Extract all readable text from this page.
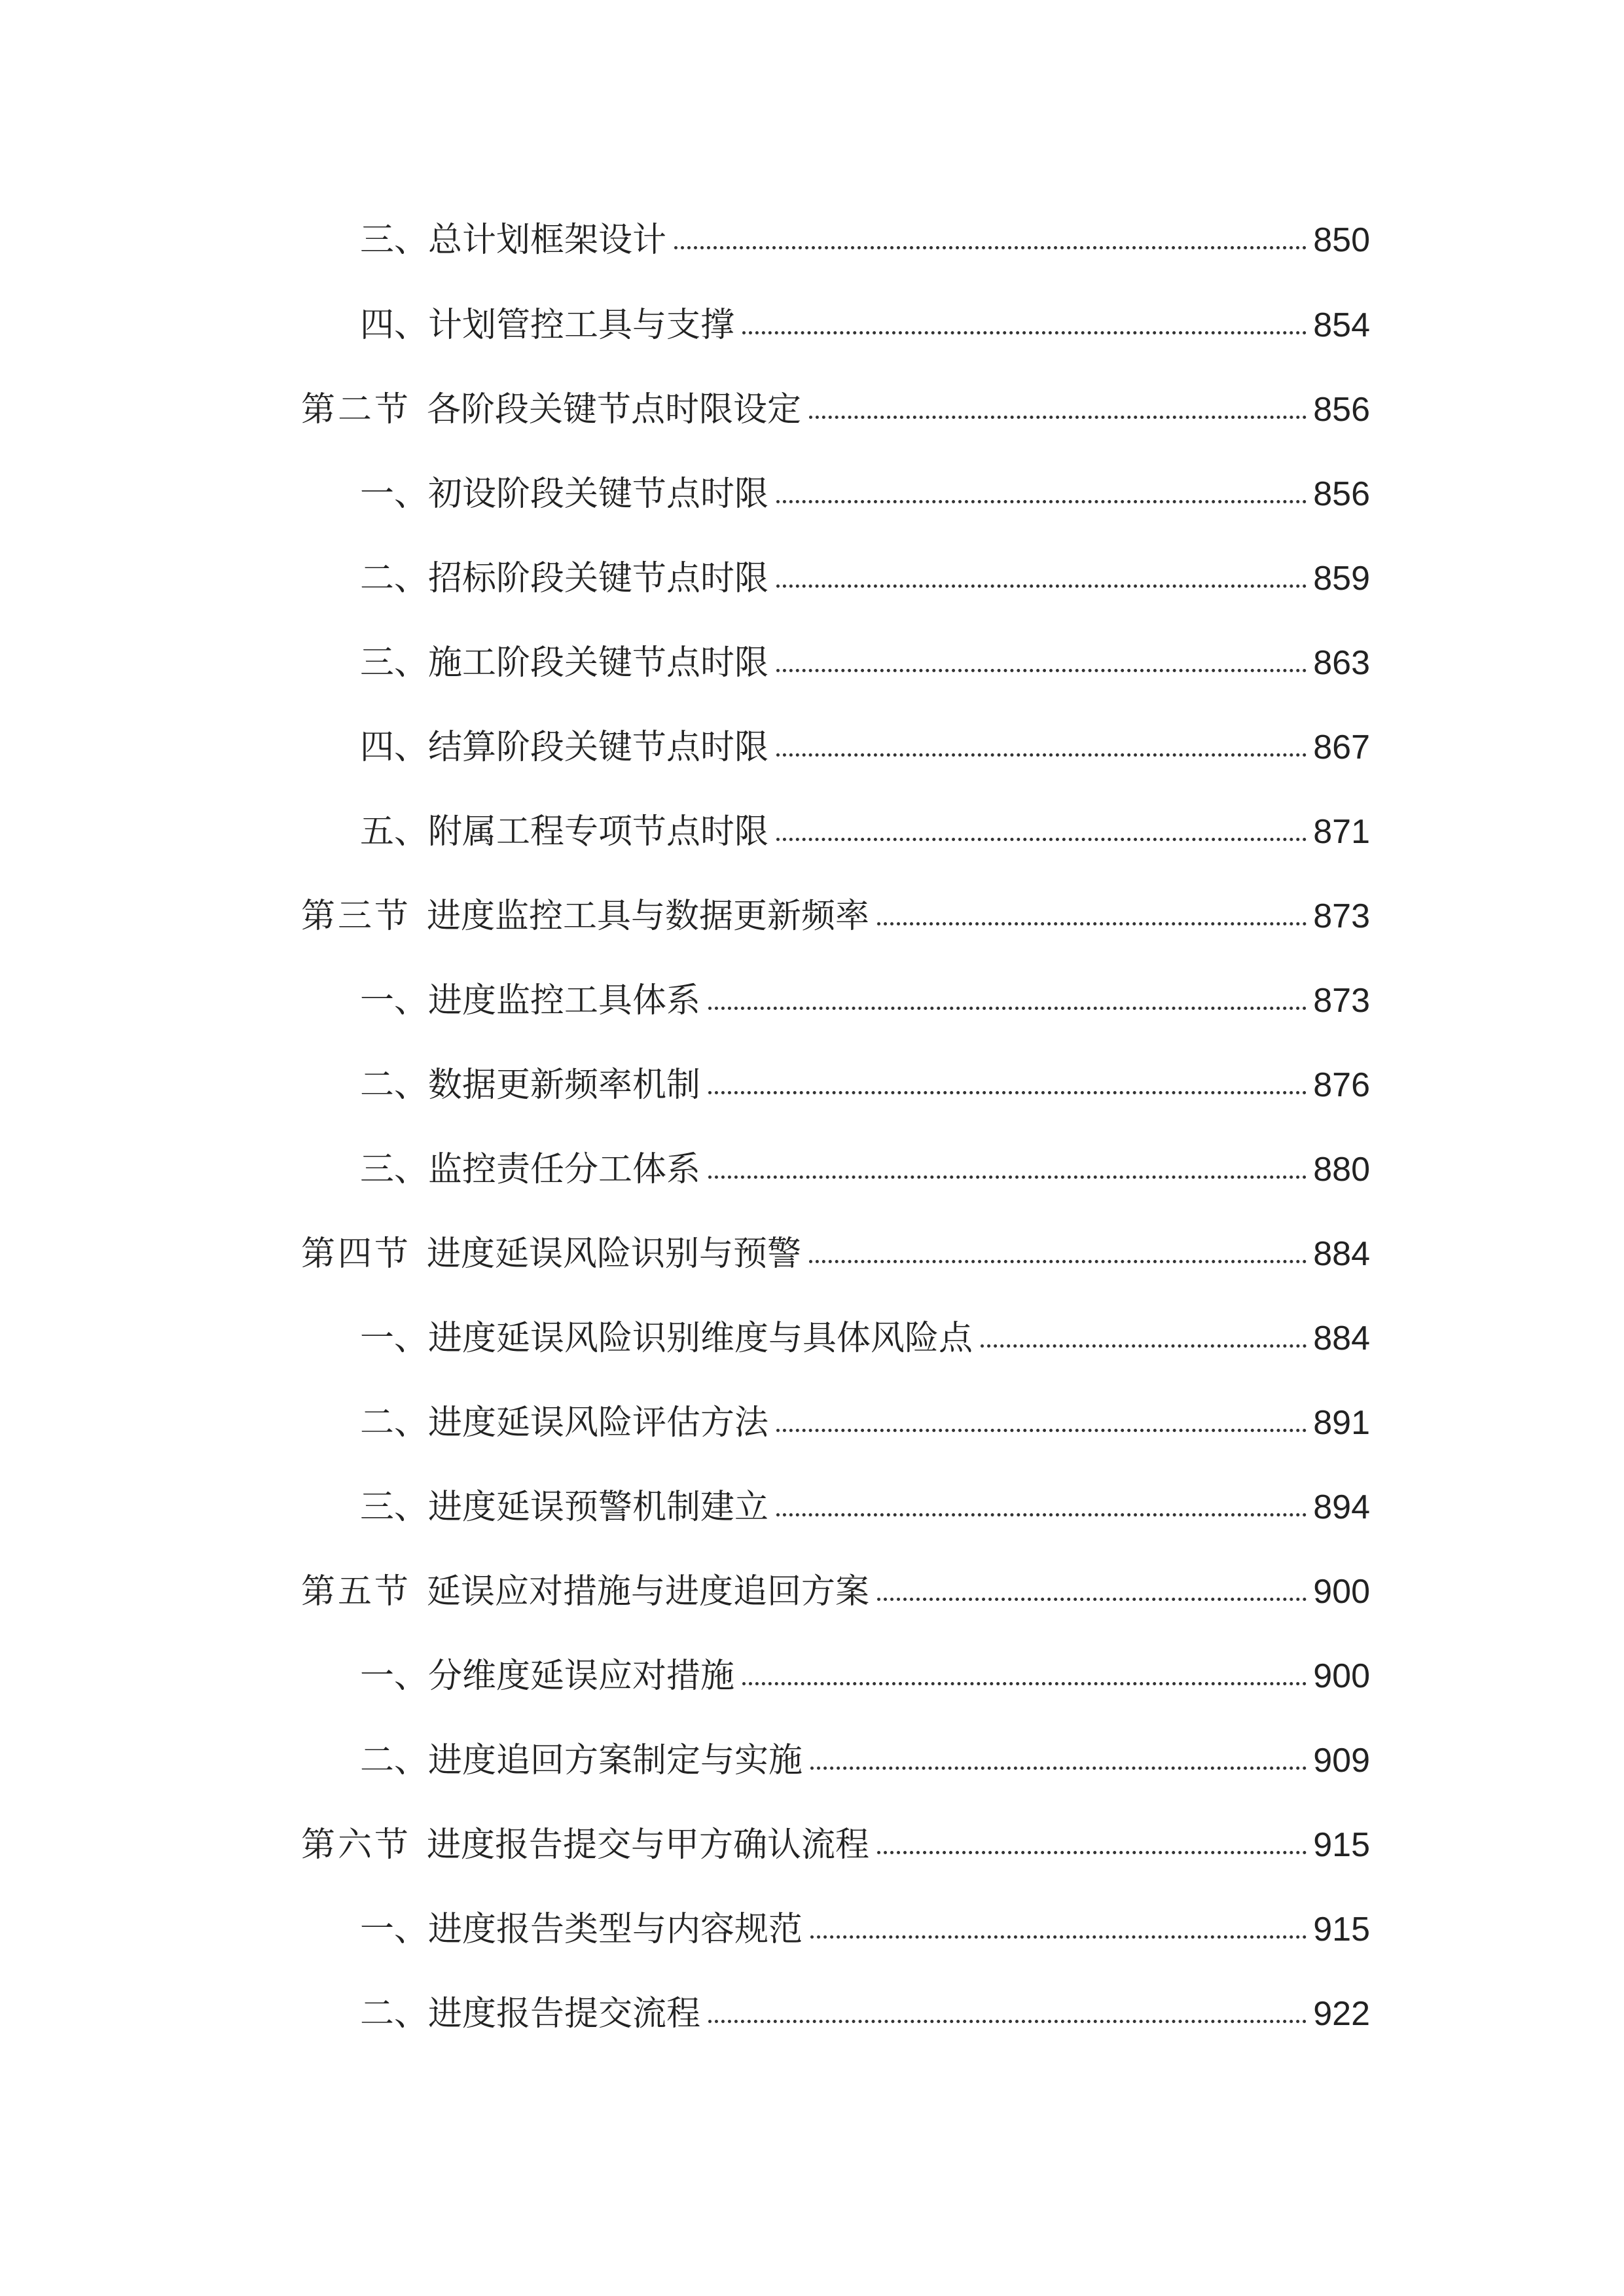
三、总计划框架设计	850
四、计划管控工具与支撑	854
第二节 各阶段关键节点时限设定	856
一、初设阶段关键节点时限	856
二、招标阶段关键节点时限	859
三、施工阶段关键节点时限	863
四、结算阶段关键节点时限	867
五、附属工程专项节点时限	871
第三节 进度监控工具与数据更新频率	873
一、进度监控工具体系	873
二、数据更新频率机制	876
三、监控责任分工体系	880
第四节 进度延误风险识别与预警	884
一、进度延误风险识别维度与具体风险点	884
二、进度延误风险评估方法	891
三、进度延误预警机制建立	894
第五节 延误应对措施与进度追回方案	900
一、分维度延误应对措施	900
二、进度追回方案制定与实施	909
第六节 进度报告提交与甲方确认流程	915
一、进度报告类型与内容规范	915
二、进度报告提交流程	922
